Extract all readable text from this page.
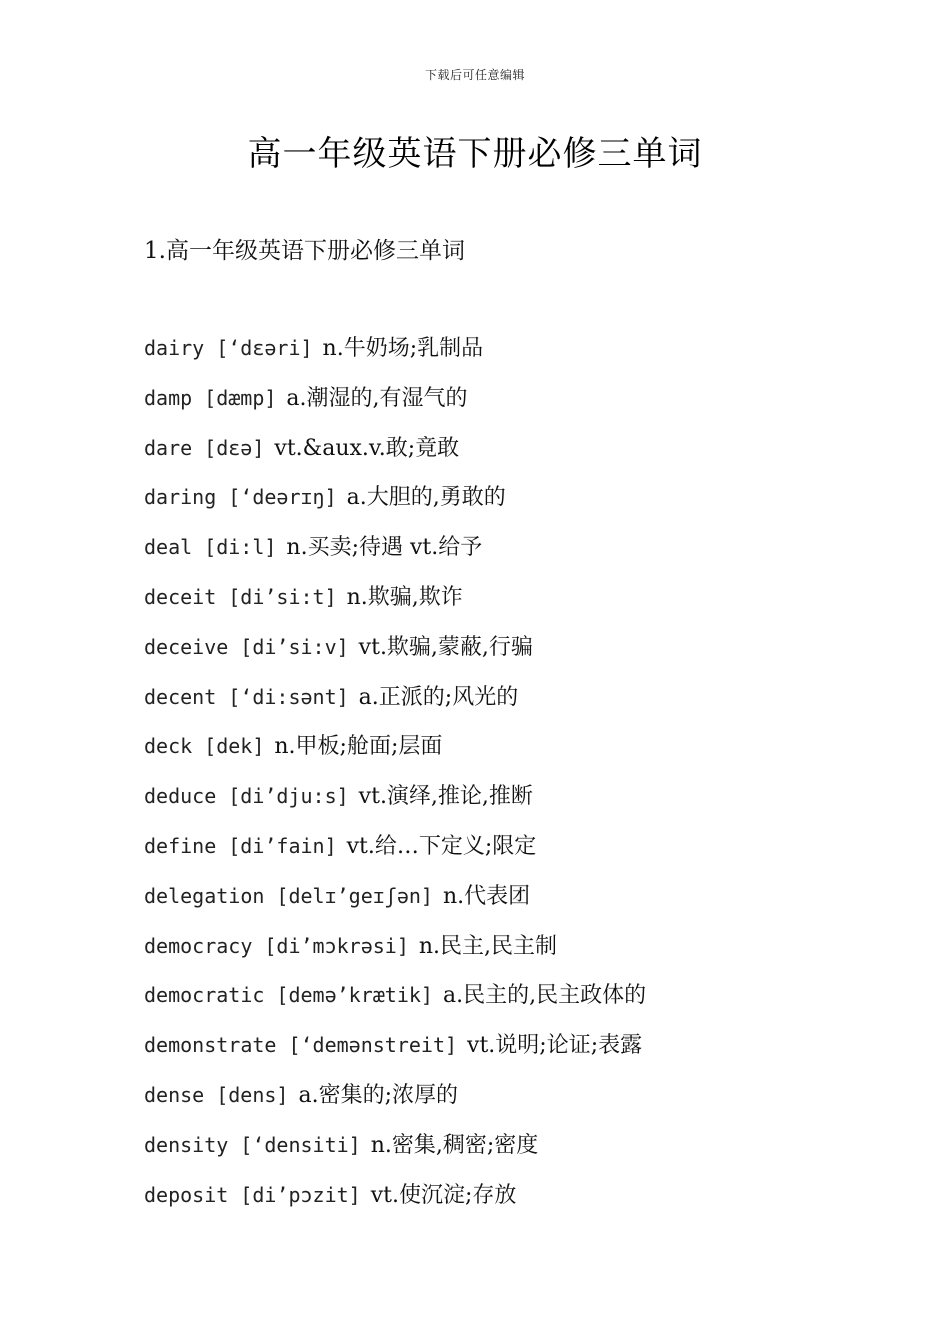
下载后可任意编辑
高一年级英语下册必修三单词
1.高一年级英语下册必修三单词
dairy [‘dɛəri] n.牛奶场;乳制品
damp [dæmp] a.潮湿的,有湿气的
dare [dɛə] vt.&aux.v.敢;竟敢
daring [‘deərɪŋ] a.大胆的,勇敢的
deal [di:l] n.买卖;待遇 vt.给予
deceit [di’si:t] n.欺骗,欺诈
deceive [di’si:v] vt.欺骗,蒙蔽,行骗
decent [‘di:sənt] a.正派的;风光的
deck [dek] n.甲板;舱面;层面
deduce [di’dju:s] vt.演绎,推论,推断
define [di’fain] vt.给…下定义;限定
delegation [delɪ’geɪʃən] n.代表团
democracy [di’mɔkrəsi] n.民主,民主制
democratic [demə’krætik] a.民主的,民主政体的
demonstrate [‘demənstreit] vt.说明;论证;表露
dense [dens] a.密集的;浓厚的
density [‘densiti] n.密集,稠密;密度
deposit [di’pɔzit] vt.使沉淀;存放
